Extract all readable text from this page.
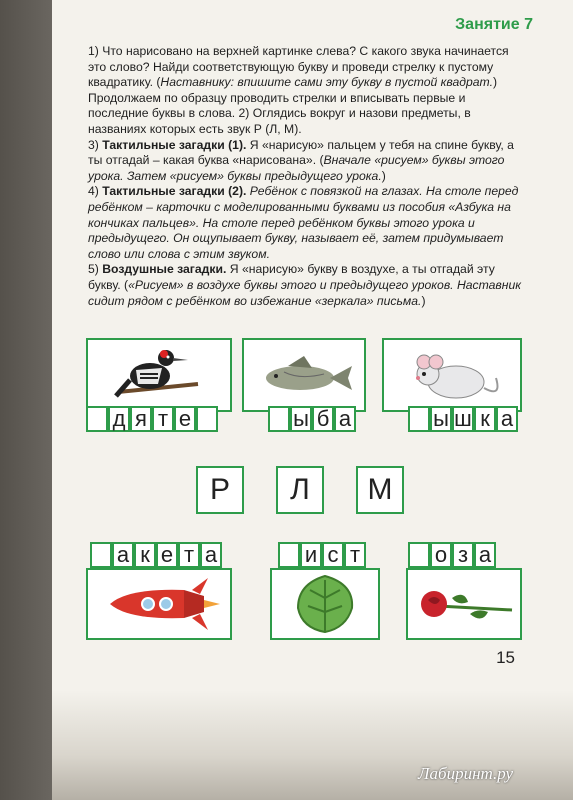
Занятие 7

1) Что нарисовано на верхней картинке слева? С какого звука начинается это слово? Найди соответствующую букву и проведи стрелку к пустому квадратику. (Наставнику: впишите сами эту букву в пустой квадрат.) Продолжаем по образцу проводить стрелки и вписывать первые и последние буквы в слова. 2) Оглядись вокруг и назови предметы, в названиях которых есть звук Р (Л, М).

3) Тактильные загадки (1). Я «нарисую» пальцем у тебя на спине букву, а ты отгадай – какая буква «нарисована». (Вначале «рисуем» буквы этого урока. Затем «рисуем» буквы предыдущего урока.)

4) Тактильные загадки (2). Ребёнок с повязкой на глазах. На столе перед ребёнком – карточки с моделированными буквами из пособия «Азбука на кончиках пальцев». На столе перед ребёнком буквы этого урока и предыдущего. Он ощупывает букву, называет её, затем придумывает слово или слова с этим звуком.

5) Воздушные загадки. Я «нарисую» букву в воздухе, а ты отгадай эту букву. («Рисуем» в воздухе буквы этого и предыдущего уроков. Наставник сидит рядом с ребёнком во избежание «зеркала» письма.)

д я т е	ы б а	ы ш к а
Р	Л	М
а к е т а	и с т	о з а
15
Лабиринт.ру
